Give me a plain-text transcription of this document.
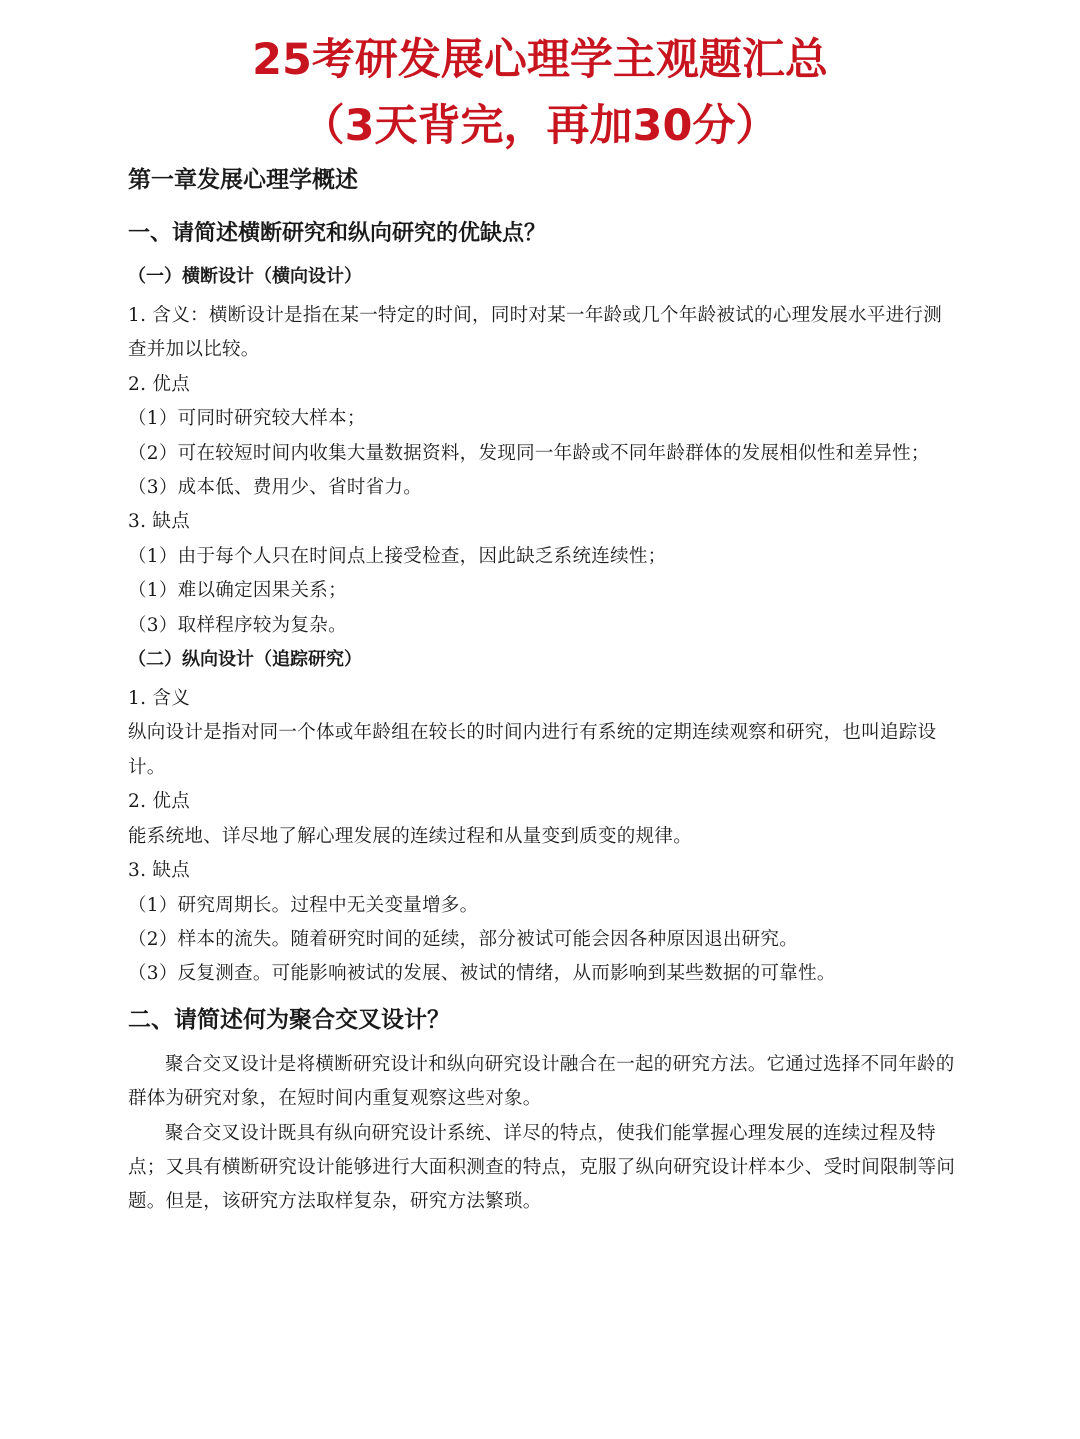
25考研发展心理学主观题汇总
（3天背完，再加30分）
第一章发展心理学概述
一、请简述横断研究和纵向研究的优缺点？
（一）横断设计（横向设计）

1. 含义：横断设计是指在某一特定的时间，同时对某一年龄或几个年龄被试的心理发展水平进行测查并加以比较。

2. 优点

（1）可同时研究较大样本；

（2）可在较短时间内收集大量数据资料，发现同一年龄或不同年龄群体的发展相似性和差异性；

（3）成本低、费用少、省时省力。

3. 缺点

（1）由于每个人只在时间点上接受检查，因此缺乏系统连续性；

（1）难以确定因果关系；

（3）取样程序较为复杂。

（二）纵向设计（追踪研究）

1. 含义

纵向设计是指对同一个体或年龄组在较长的时间内进行有系统的定期连续观察和研究，也叫追踪设计。

2. 优点

能系统地、详尽地了解心理发展的连续过程和从量变到质变的规律。

3. 缺点

（1）研究周期长。过程中无关变量增多。

（2）样本的流失。随着研究时间的延续，部分被试可能会因各种原因退出研究。

（3）反复测查。可能影响被试的发展、被试的情绪，从而影响到某些数据的可靠性。

二、请简述何为聚合交叉设计？

聚合交叉设计是将横断研究设计和纵向研究设计融合在一起的研究方法。它通过选择不同年龄的群体为研究对象，在短时间内重复观察这些对象。

聚合交叉设计既具有纵向研究设计系统、详尽的特点，使我们能掌握心理发展的连续过程及特点；又具有横断研究设计能够进行大面积测查的特点，克服了纵向研究设计样本少、受时间限制等问题。但是，该研究方法取样复杂，研究方法繁琐。
